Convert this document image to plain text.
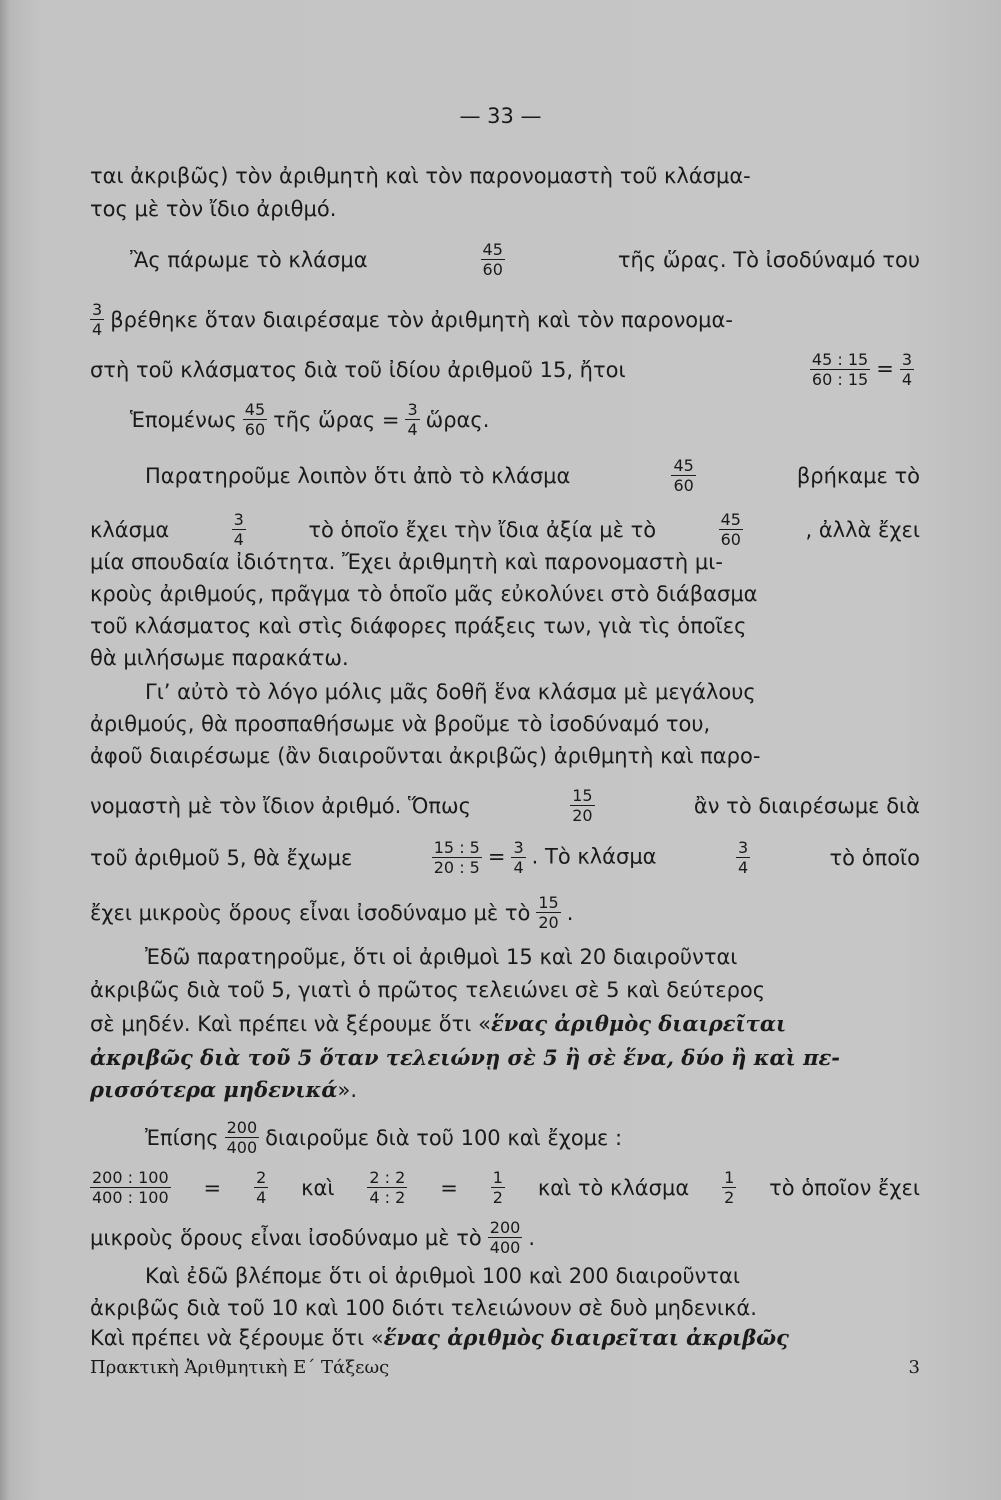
— 33 —
ται ἀκριβῶς) τὸν ἀριθμητὴ καὶ τὸν παρονομαστὴ τοῦ κλάσμα-
τος μὲ τὸν ἴδιο ἀριθμό.
Ἂς πάρωμε τὸ κλάσμα	$\frac{45}{60}$	τῆς ὥρας. Τὸ ἰσοδύναμό του
$\frac{3}{4}$ βρέθηκε ὅταν διαιρέσαμε τὸν ἀριθμητὴ καὶ τὸν παρονομα-
στὴ τοῦ κλάσματος διὰ τοῦ ἰδίου ἀριθμοῦ 15, ἤτοι	$\frac{45 : 15}{60 : 15} = \frac{3}{4}$
Ἑπομένως $\frac{45}{60}$ τῆς ὥρας = $\frac{3}{4}$ ὥρας.
Παρατηροῦμε λοιπὸν ὅτι ἀπὸ τὸ κλάσμα	$\frac{45}{60}$	βρήκαμε τὸ
κλάσμα	$\frac{3}{4}$	τὸ ὁποῖο ἔχει τὴν ἴδια ἀξία μὲ τὸ	$\frac{45}{60}$	, ἀλλὰ ἔχει
μία σπουδαία ἰδιότητα. Ἔχει ἀριθμητὴ καὶ παρονομαστὴ μι-
κροὺς ἀριθμούς, πρᾶγμα τὸ ὁποῖο μᾶς εὐκολύνει στὸ διάβασμα
τοῦ κλάσματος καὶ στὶς διάφορες πράξεις των, γιὰ τὶς ὁποῖες
θὰ μιλήσωμε παρακάτω.
Γι’ αὐτὸ τὸ λόγο μόλις μᾶς δοθῆ ἕνα κλάσμα μὲ μεγάλους
ἀριθμούς, θὰ προσπαθήσωμε νὰ βροῦμε τὸ ἰσοδύναμό του,
ἀφοῦ διαιρέσωμε (ἂν διαιροῦνται ἀκριβῶς) ἀριθμητὴ καὶ παρο-
νομαστὴ μὲ τὸν ἴδιον ἀριθμό. Ὅπως	$\frac{15}{20}$	ἂν τὸ διαιρέσωμε διὰ
τοῦ ἀριθμοῦ 5, θὰ ἔχωμε	$\frac{15 : 5}{20 : 5} = \frac{3}{4}$ . Τὸ κλάσμα	$\frac{3}{4}$	τὸ ὁποῖο
ἔχει μικροὺς ὅρους εἶναι ἰσοδύναμο μὲ τὸ $\frac{15}{20}$ .
Ἐδῶ παρατηροῦμε, ὅτι οἱ ἀριθμοὶ 15 καὶ 20 διαιροῦνται
ἀκριβῶς διὰ τοῦ 5, γιατὶ ὁ πρῶτος τελειώνει σὲ 5 καὶ δεύτερος
σὲ μηδέν. Καὶ πρέπει νὰ ξέρουμε ὅτι «ἕνας ἀριθμὸς διαιρεῖται
ἀκριβῶς διὰ τοῦ 5 ὅταν τελειώνῃ σὲ 5 ἢ σὲ ἕνα, δύο ἢ καὶ πε-
ρισσότερα μηδενικά ».
Ἐπίσης $\frac{200}{400}$ διαιροῦμε διὰ τοῦ 100 καὶ ἔχομε :
$\frac{200 : 100}{400 : 100} = \frac{2}{4}$ καὶ $\frac{2 : 2}{4 : 2} = \frac{1}{2}$ καὶ τὸ κλάσμα $\frac{1}{2}$ τὸ ὁποῖον ἔχει
μικροὺς ὅρους εἶναι ἰσοδύναμο μὲ τὸ $\frac{200}{400}$ .
Καὶ ἐδῶ βλέπομε ὅτι οἱ ἀριθμοὶ 100 καὶ 200 διαιροῦνται
ἀκριβῶς διὰ τοῦ 10 καὶ 100 διότι τελειώνουν σὲ δυὸ μηδενικά.
Καὶ πρέπει νὰ ξέρουμε ὅτι «ἕνας ἀριθμὸς διαιρεῖται ἀκριβῶς
Πρακτικὴ Ἀριθμητικὴ Ε΄ Τάξεως	3
